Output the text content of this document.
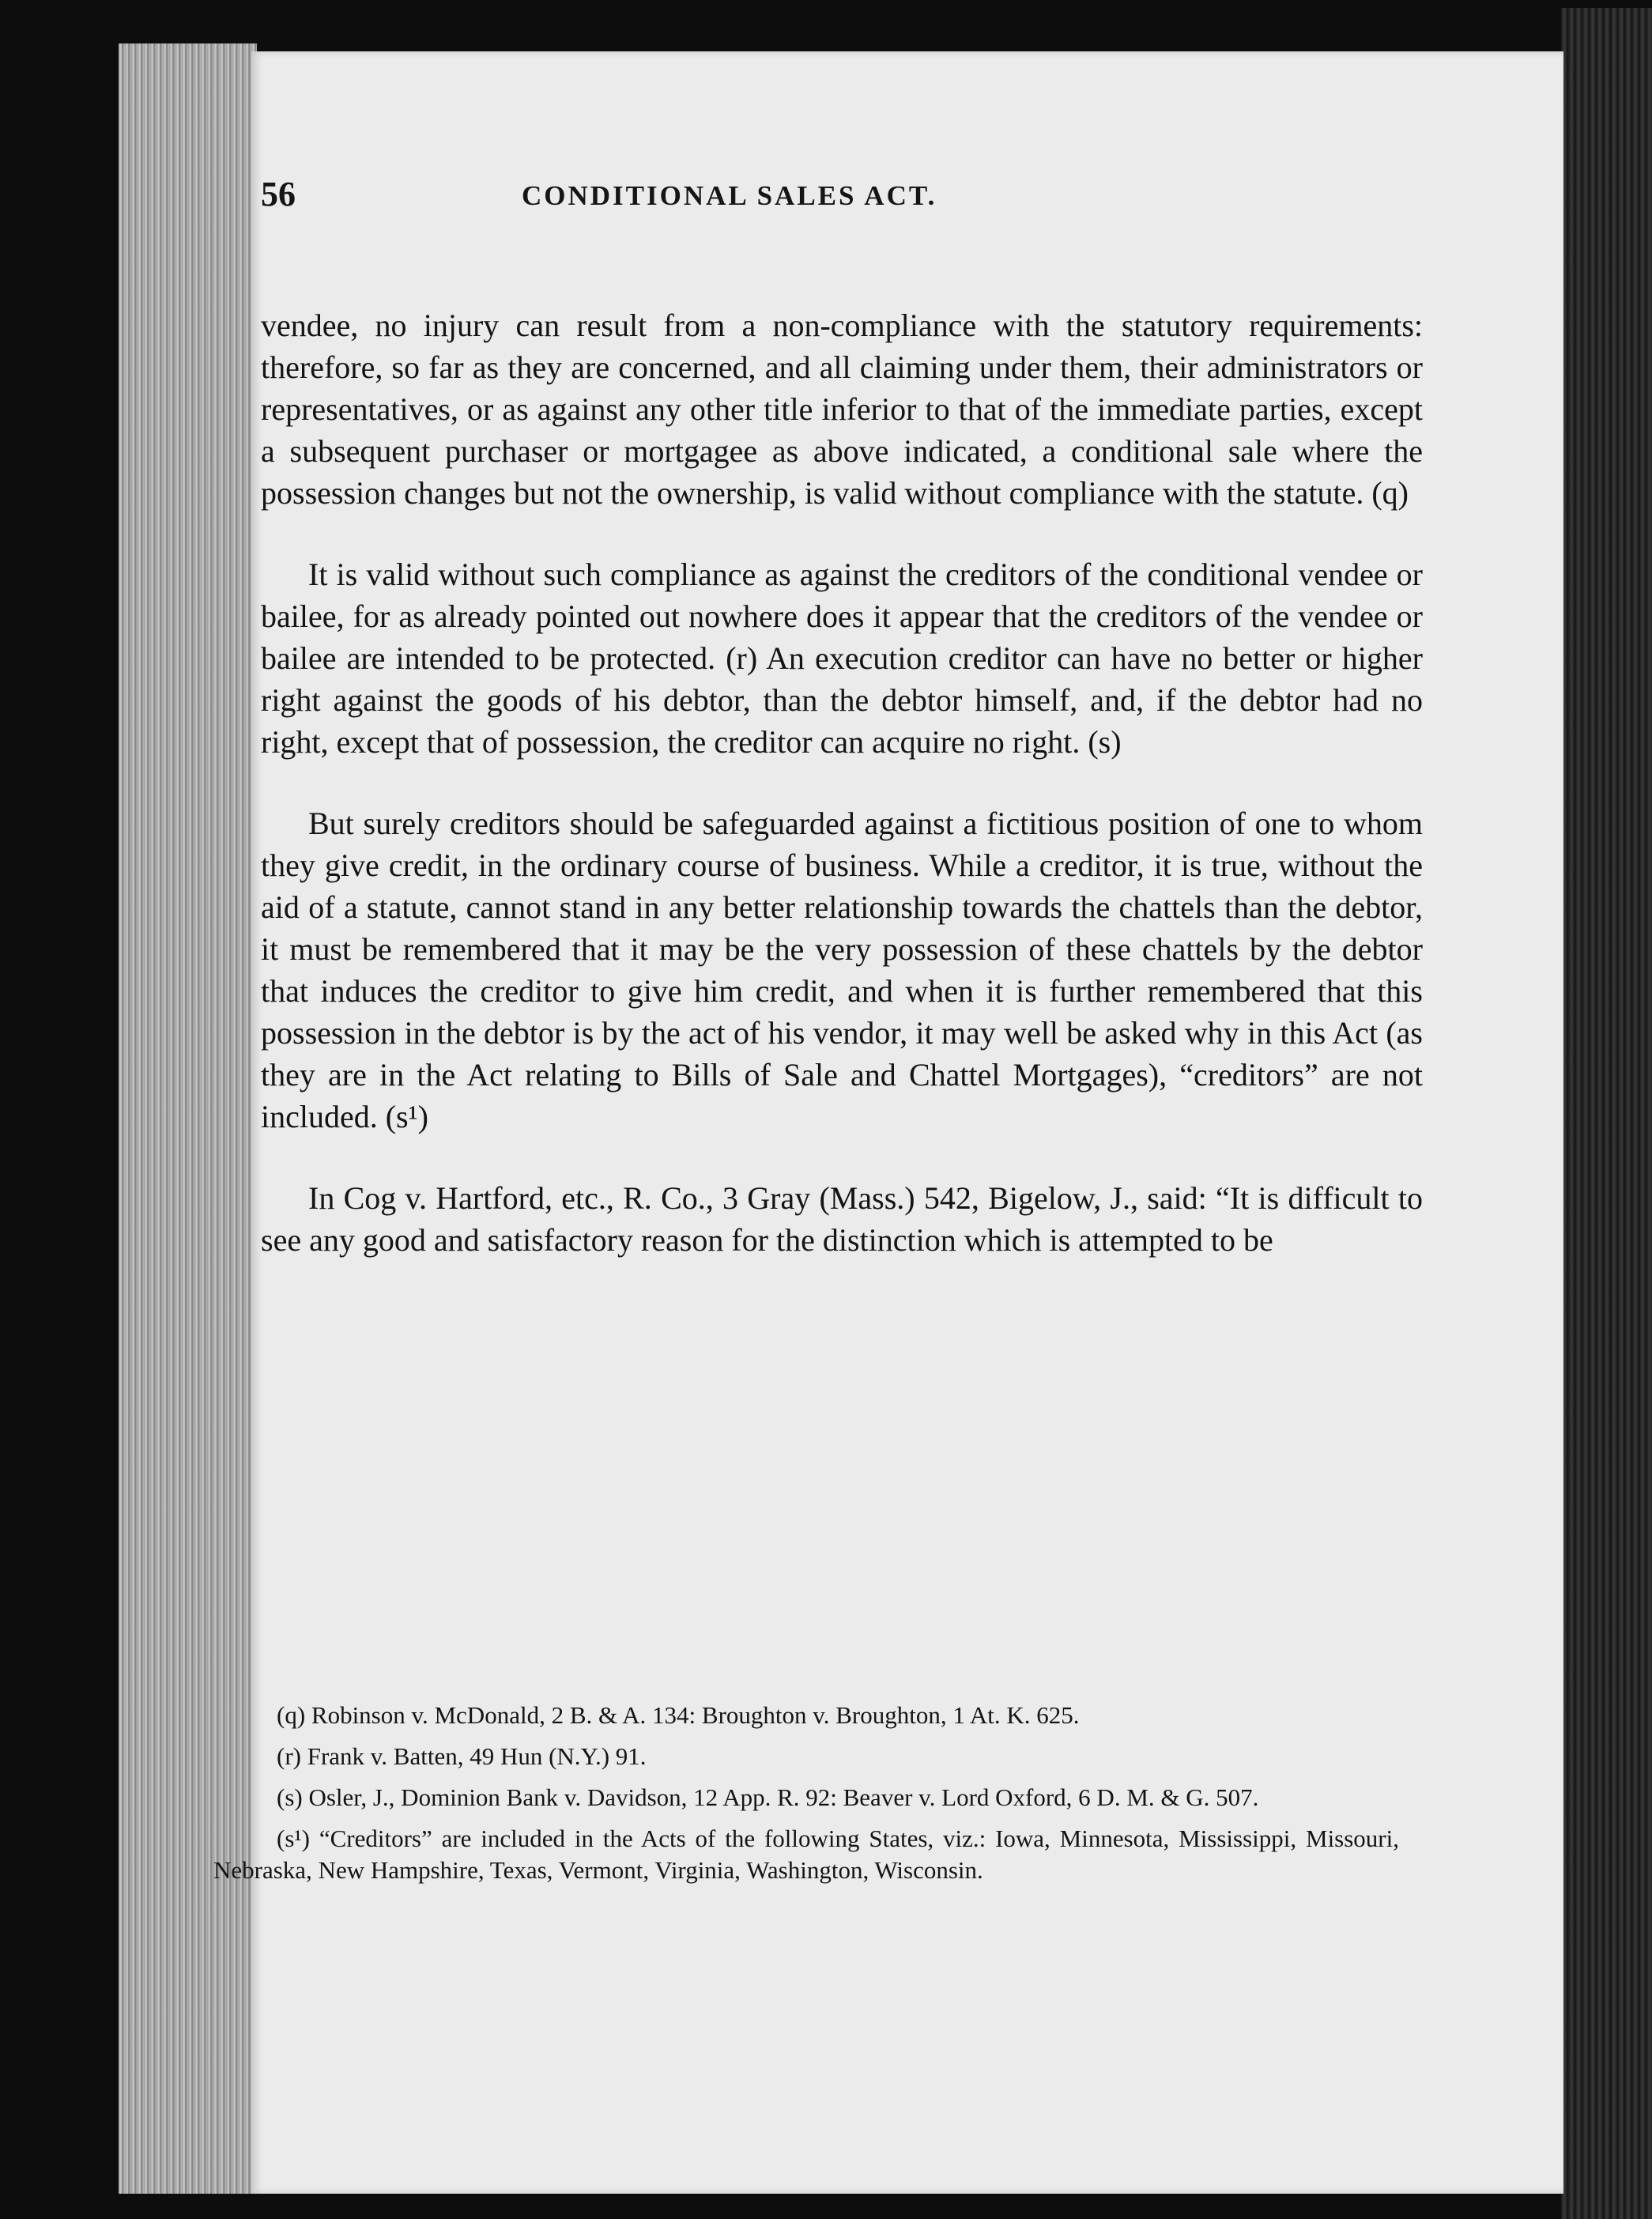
56	CONDITIONAL SALES ACT.

vendee, no injury can result from a non-compliance with the statutory requirements: therefore, so far as they are concerned, and all claiming under them, their administrators or representatives, or as against any other title inferior to that of the immediate parties, except a subsequent purchaser or mortgagee as above indicated, a conditional sale where the possession changes but not the ownership, is valid without compliance with the statute. (q)

It is valid without such compliance as against the creditors of the conditional vendee or bailee, for as already pointed out nowhere does it appear that the creditors of the vendee or bailee are intended to be protected. (r) An execution creditor can have no better or higher right against the goods of his debtor, than the debtor himself, and, if the debtor had no right, except that of possession, the creditor can acquire no right. (s)

But surely creditors should be safeguarded against a fictitious position of one to whom they give credit, in the ordinary course of business. While a creditor, it is true, without the aid of a statute, cannot stand in any better relationship towards the chattels than the debtor, it must be remembered that it may be the very possession of these chattels by the debtor that induces the creditor to give him credit, and when it is further remembered that this possession in the debtor is by the act of his vendor, it may well be asked why in this Act (as they are in the Act relating to Bills of Sale and Chattel Mortgages), “creditors” are not included. (s¹)

In Cog v. Hartford, etc., R. Co., 3 Gray (Mass.) 542, Bigelow, J., said: “It is difficult to see any good and satisfactory reason for the distinction which is attempted to be

(q) Robinson v. McDonald, 2 B. & A. 134: Broughton v. Broughton, 1 At. K. 625.

(r) Frank v. Batten, 49 Hun (N.Y.) 91.

(s) Osler, J., Dominion Bank v. Davidson, 12 App. R. 92: Beaver v. Lord Oxford, 6 D. M. & G. 507.

(s¹) “Creditors” are included in the Acts of the following States, viz.: Iowa, Minnesota, Mississippi, Missouri, Nebraska, New Hampshire, Texas, Vermont, Virginia, Washington, Wisconsin.
